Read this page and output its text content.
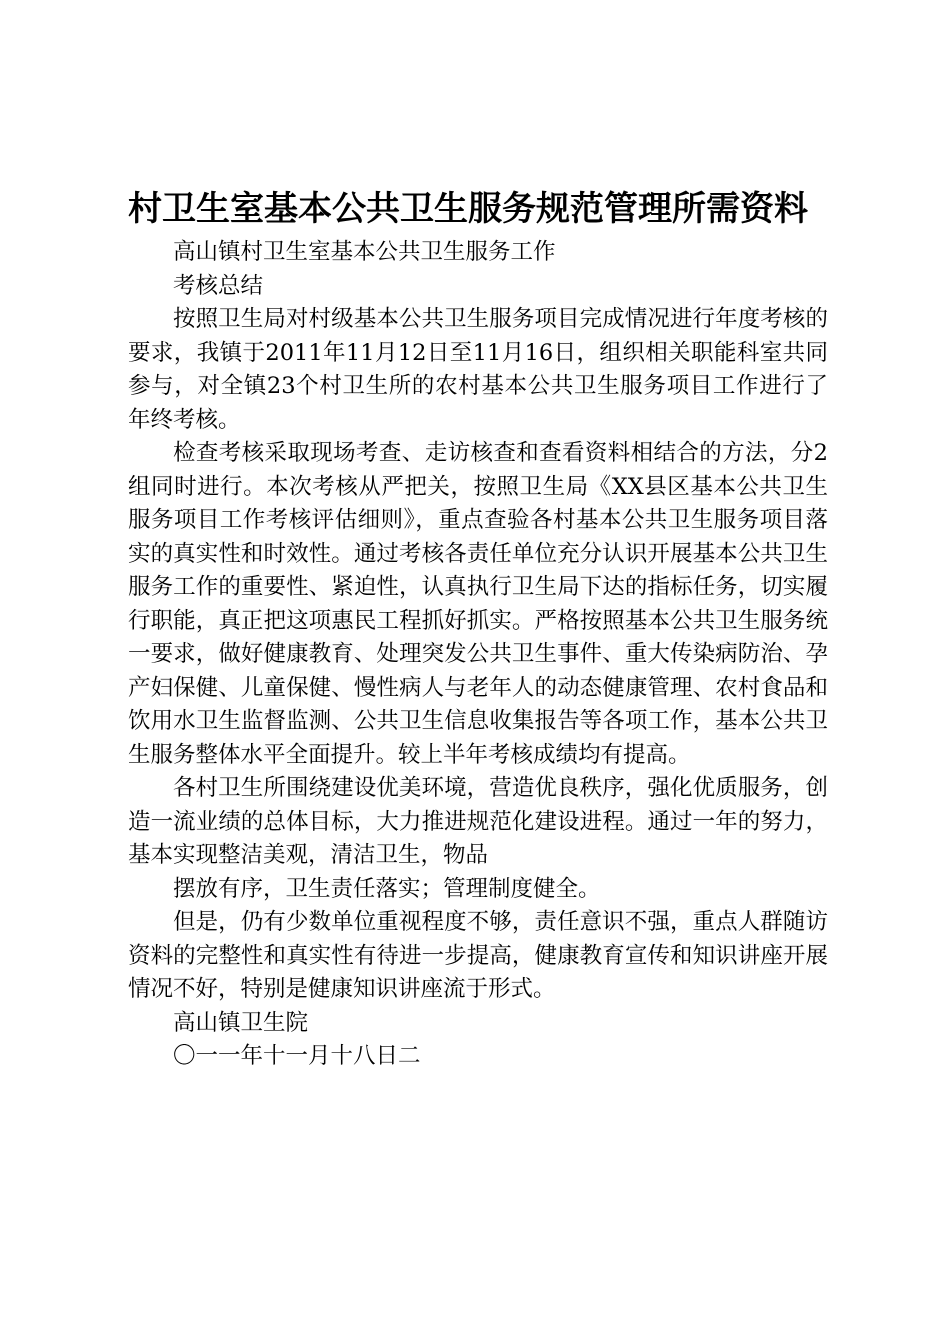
村卫生室基本公共卫生服务规范管理所需资料

高山镇村卫生室基本公共卫生服务工作

考核总结

按照卫生局对村级基本公共卫生服务项目完成情况进行年度考核的要求，我镇于2011年11月12日至11月16日，组织相关职能科室共同参与，对全镇23个村卫生所的农村基本公共卫生服务项目工作进行了年终考核。

检查考核采取现场考查、走访核查和查看资料相结合的方法，分2组同时进行。本次考核从严把关，按照卫生局《XX县区基本公共卫生服务项目工作考核评估细则》，重点查验各村基本公共卫生服务项目落实的真实性和时效性。通过考核各责任单位充分认识开展基本公共卫生服务工作的重要性、紧迫性，认真执行卫生局下达的指标任务，切实履行职能，真正把这项惠民工程抓好抓实。严格按照基本公共卫生服务统一要求，做好健康教育、处理突发公共卫生事件、重大传染病防治、孕产妇保健、儿童保健、慢性病人与老年人的动态健康管理、农村食品和饮用水卫生监督监测、公共卫生信息收集报告等各项工作，基本公共卫生服务整体水平全面提升。较上半年考核成绩均有提高。

各村卫生所围绕建设优美环境，营造优良秩序，强化优质服务，创造一流业绩的总体目标，大力推进规范化建设进程。通过一年的努力，基本实现整洁美观，清洁卫生，物品

摆放有序，卫生责任落实；管理制度健全。

但是，仍有少数单位重视程度不够，责任意识不强，重点人群随访资料的完整性和真实性有待进一步提高，健康教育宣传和知识讲座开展情况不好，特别是健康知识讲座流于形式。

高山镇卫生院

〇一一年十一月十八日二
